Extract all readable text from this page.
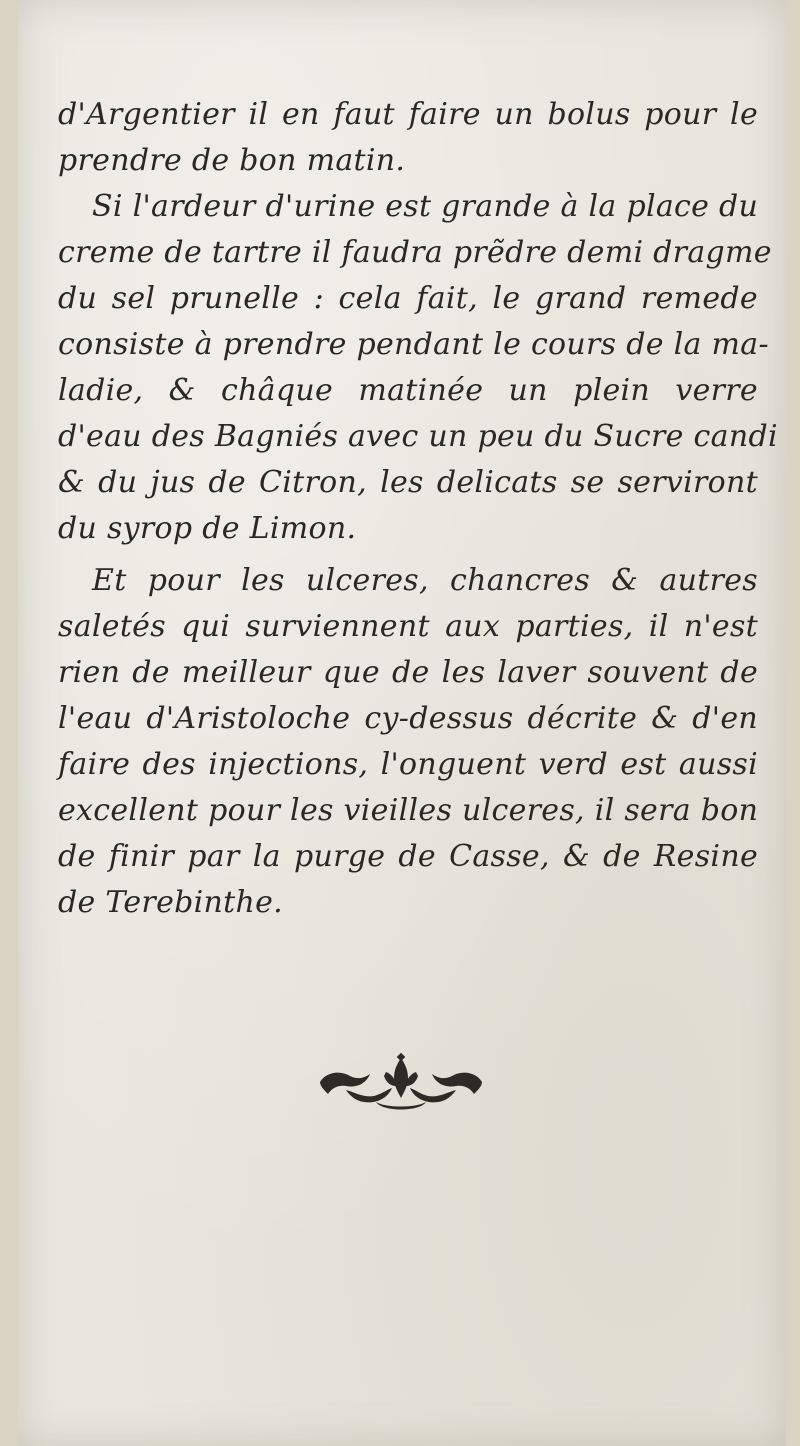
d'Argentier il en faut faire un bolus pour le
prendre de bon matin.
Si l'ardeur d'urine est grande à la place du
creme de tartre il faudra prẽdre demi dragme
du sel prunelle : cela fait, le grand remede
consiste à prendre pendant le cours de la ma-
ladie, & châque matinée un plein verre
d'eau des Bagniés avec un peu du Sucre candi
& du jus de Citron, les delicats se serviront
du syrop de Limon.
Et pour les ulceres, chancres & autres
saletés qui surviennent aux parties, il n'est
rien de meilleur que de les laver souvent de
l'eau d'Aristoloche cy-dessus décrite & d'en
faire des injections, l'onguent verd est aussi
excellent pour les vieilles ulceres, il sera bon
de finir par la purge de Casse, & de Resine
de Terebinthe.
